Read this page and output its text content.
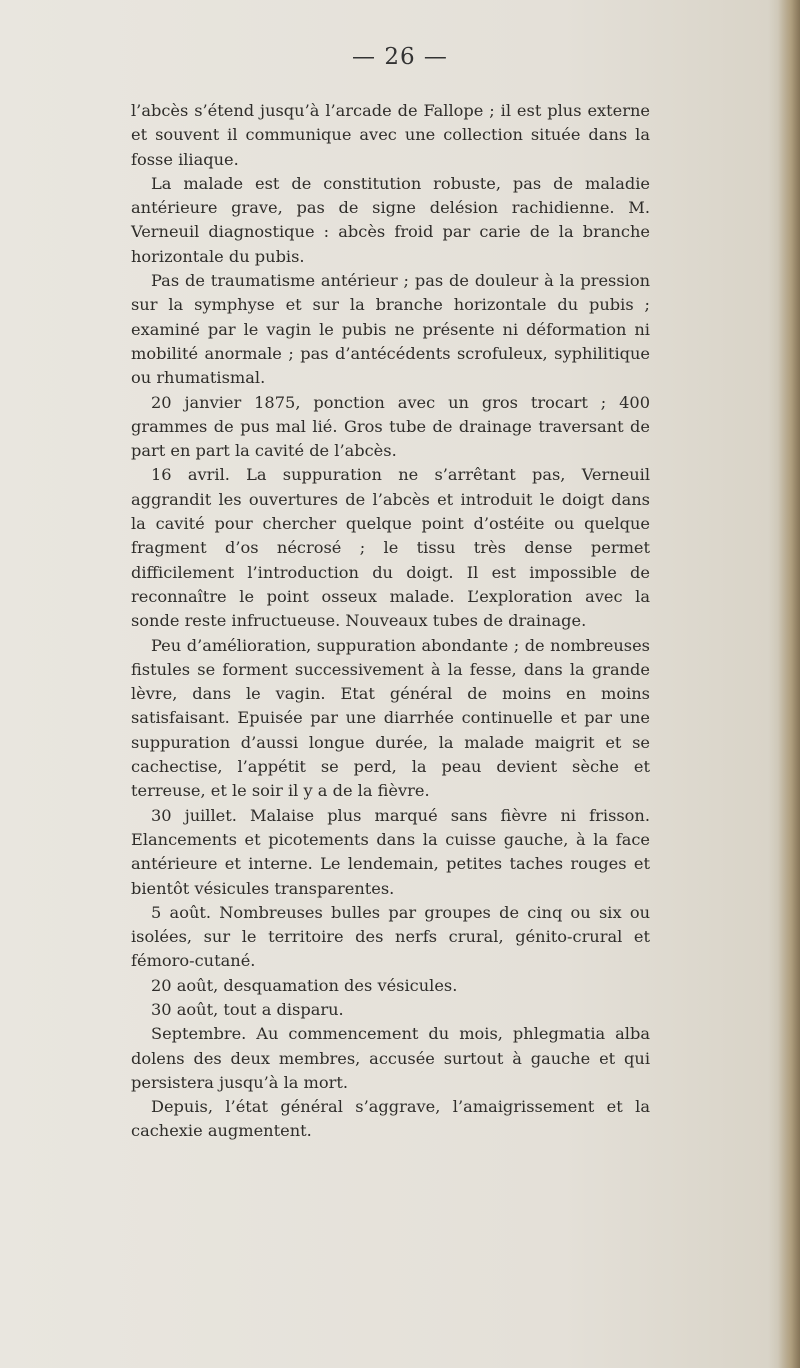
— 26 —

l’abcès s’étend jusqu’à l’arcade de Fallope ; il est plus externe et souvent il communique avec une collection située dans la fosse iliaque.

La malade est de constitution robuste, pas de maladie antérieure grave, pas de signe delésion rachidienne. M. Verneuil diagnostique : abcès froid par carie de la branche horizontale du pubis.

Pas de traumatisme antérieur ; pas de douleur à la pression sur la symphyse et sur la branche horizontale du pubis ; examiné par le vagin le pubis ne présente ni déformation ni mobilité anormale ; pas d’antécédents scrofuleux, syphilitique ou rhumatismal.

20 janvier 1875, ponction avec un gros trocart ; 400 grammes de pus mal lié. Gros tube de drainage traversant de part en part la cavité de l’abcès.

16 avril. La suppuration ne s’arrêtant pas, Verneuil aggrandit les ouvertures de l’abcès et introduit le doigt dans la cavité pour chercher quelque point d’ostéite ou quelque fragment d’os nécrosé ; le tissu très dense permet difficilement l’introduction du doigt. Il est impossible de reconnaître le point osseux malade. L’exploration avec la sonde reste infructueuse. Nouveaux tubes de drainage.

Peu d’amélioration, suppuration abondante ; de nombreuses fistules se forment successivement à la fesse, dans la grande lèvre, dans le vagin. Etat général de moins en moins satisfaisant. Epuisée par une diarrhée continuelle et par une suppuration d’aussi longue durée, la malade maigrit et se cachectise, l’appétit se perd, la peau devient sèche et terreuse, et le soir il y a de la fièvre.

30 juillet. Malaise plus marqué sans fièvre ni frisson. Elancements et picotements dans la cuisse gauche, à la face antérieure et interne. Le lendemain, petites taches rouges et bientôt vésicules transparentes.

5 août. Nombreuses bulles par groupes de cinq ou six ou isolées, sur le territoire des nerfs crural, génito-crural et fémoro-cutané.

20 août, desquamation des vésicules.

30 août, tout a disparu.

Septembre. Au commencement du mois, phlegmatia alba dolens des deux membres, accusée surtout à gauche et qui persistera jusqu’à la mort.

Depuis, l’état général s’aggrave, l’amaigrissement et la cachexie augmentent.
